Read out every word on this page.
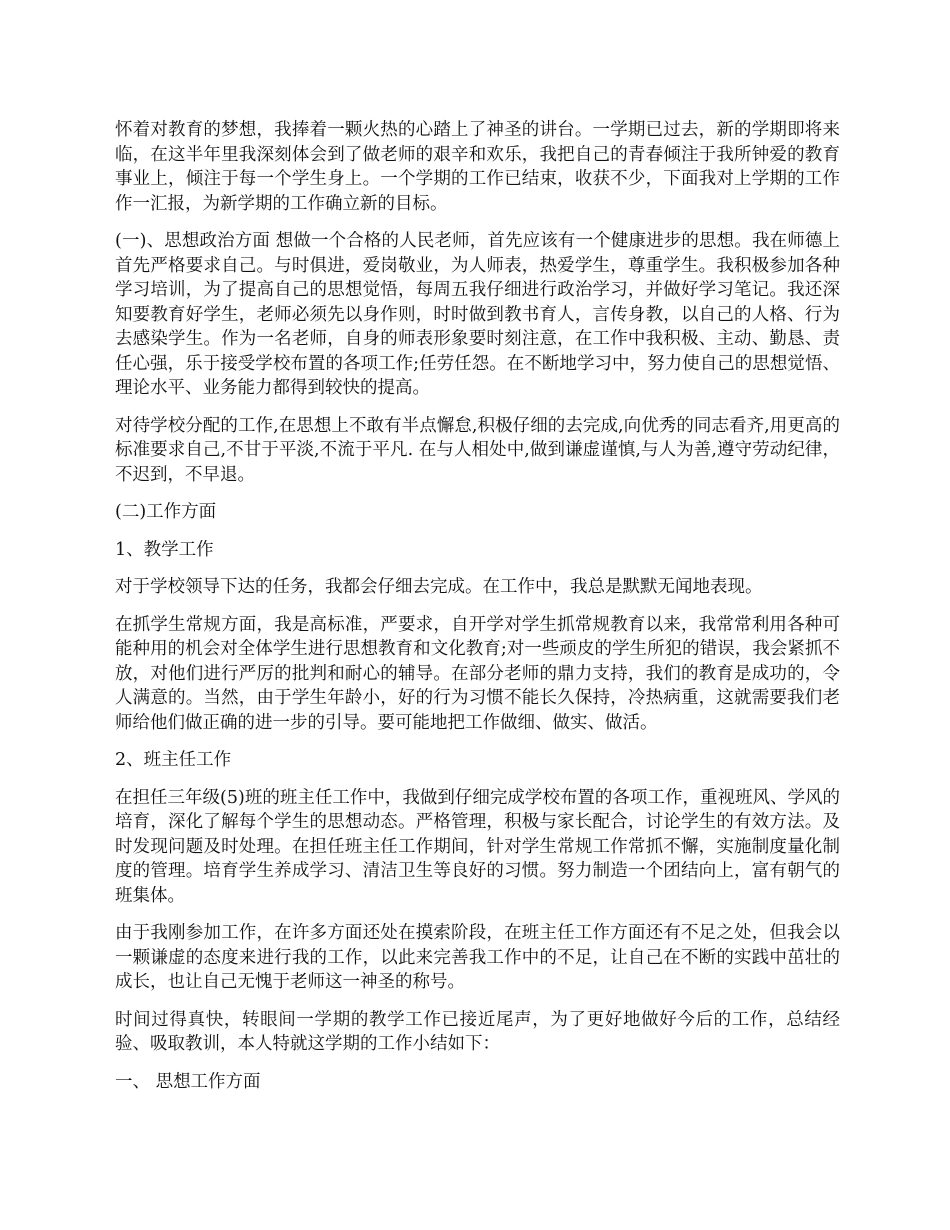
怀着对教育的梦想，我捧着一颗火热的心踏上了神圣的讲台。一学期已过去，新的学期即将来临，在这半年里我深刻体会到了做老师的艰辛和欢乐，我把自己的青春倾注于我所钟爱的教育事业上，倾注于每一个学生身上。一个学期的工作已结束，收获不少，下面我对上学期的工作作一汇报，为新学期的工作确立新的目标。

(一)、思想政治方面 想做一个合格的人民老师，首先应该有一个健康进步的思想。我在师德上首先严格要求自己。与时俱进，爱岗敬业，为人师表，热爱学生，尊重学生。我积极参加各种学习培训，为了提高自己的思想觉悟，每周五我仔细进行政治学习，并做好学习笔记。我还深知要教育好学生，老师必须先以身作则，时时做到教书育人，言传身教，以自己的人格、行为去感染学生。作为一名老师，自身的师表形象要时刻注意，在工作中我积极、主动、勤恳、责任心强，乐于接受学校布置的各项工作;任劳任怨。在不断地学习中，努力使自己的思想觉悟、理论水平、业务能力都得到较快的提高。

对待学校分配的工作,在思想上不敢有半点懈怠,积极仔细的去完成,向优秀的同志看齐,用更高的标准要求自己,不甘于平淡,不流于平凡. 在与人相处中,做到谦虚谨慎,与人为善,遵守劳动纪律，不迟到，不早退。

(二)工作方面

1、教学工作

对于学校领导下达的任务，我都会仔细去完成。在工作中，我总是默默无闻地表现。

在抓学生常规方面，我是高标准，严要求，自开学对学生抓常规教育以来，我常常利用各种可能种用的机会对全体学生进行思想教育和文化教育;对一些顽皮的学生所犯的错误，我会紧抓不放，对他们进行严厉的批判和耐心的辅导。在部分老师的鼎力支持，我们的教育是成功的，令人满意的。当然，由于学生年龄小，好的行为习惯不能长久保持，冷热病重，这就需要我们老师给他们做正确的进一步的引导。要可能地把工作做细、做实、做活。

2、班主任工作

在担任三年级(5)班的班主任工作中，我做到仔细完成学校布置的各项工作，重视班风、学风的培育，深化了解每个学生的思想动态。严格管理，积极与家长配合，讨论学生的有效方法。及时发现问题及时处理。在担任班主任工作期间，针对学生常规工作常抓不懈，实施制度量化制度的管理。培育学生养成学习、清洁卫生等良好的习惯。努力制造一个团结向上，富有朝气的班集体。

由于我刚参加工作，在许多方面还处在摸索阶段，在班主任工作方面还有不足之处，但我会以一颗谦虚的态度来进行我的工作，以此来完善我工作中的不足，让自己在不断的实践中茁壮的成长，也让自己无愧于老师这一神圣的称号。

时间过得真快，转眼间一学期的教学工作已接近尾声，为了更好地做好今后的工作，总结经验、吸取教训，本人特就这学期的工作小结如下：

一、 思想工作方面
